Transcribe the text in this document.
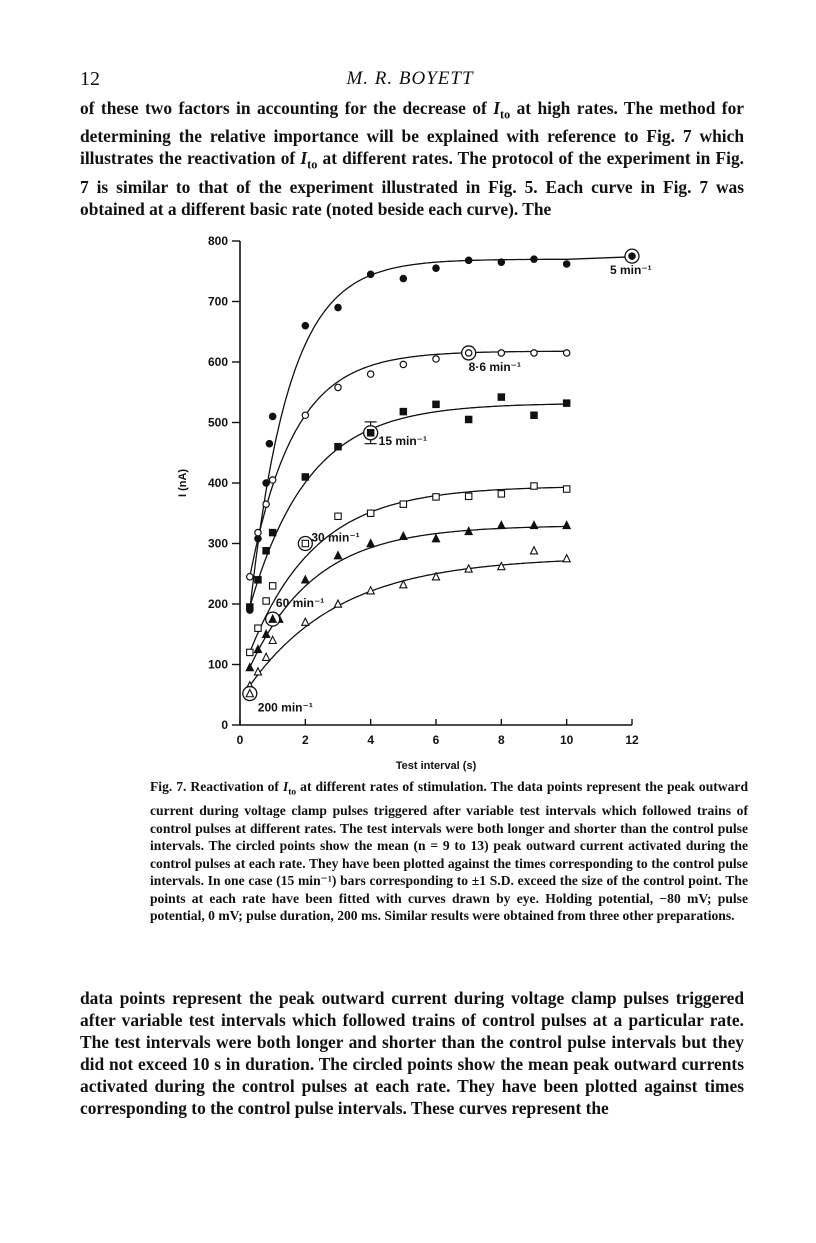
12	M. R. BOYETT

of these two factors in accounting for the decrease of $I_{to}$ at high rates. The method for determining the relative importance will be explained with reference to Fig. 7 which illustrates the reactivation of $I_{to}$ at different rates. The protocol of the experiment in Fig. 7 is similar to that of the experiment illustrated in Fig. 5. Each curve in Fig. 7 was obtained at a different basic rate (noted beside each curve). The

0
100
200
300
400
500
600
700
800
0	2	4	6	8	10	12
Test interval (s)
I (nA)
5 min⁻¹
8·6 min⁻¹
15 min⁻¹
30 min⁻¹
60 min⁻¹
200 min⁻¹

Fig. 7. Reactivation of $I_{to}$ at different rates of stimulation. The data points represent the peak outward current during voltage clamp pulses triggered after variable test intervals which followed trains of control pulses at different rates. The test intervals were both longer and shorter than the control pulse intervals. The circled points show the mean (n = 9 to 13) peak outward current activated during the control pulses at each rate. They have been plotted against the times corresponding to the control pulse intervals. In one case (15 min⁻¹) bars corresponding to ±1 S.D. exceed the size of the control point. The points at each rate have been fitted with curves drawn by eye. Holding potential, −80 mV; pulse potential, 0 mV; pulse duration, 200 ms. Similar results were obtained from three other preparations.

data points represent the peak outward current during voltage clamp pulses triggered after variable test intervals which followed trains of control pulses at a particular rate. The test intervals were both longer and shorter than the control pulse intervals but they did not exceed 10 s in duration. The circled points show the mean peak outward currents activated during the control pulses at each rate. They have been plotted against times corresponding to the control pulse intervals. These curves represent the
